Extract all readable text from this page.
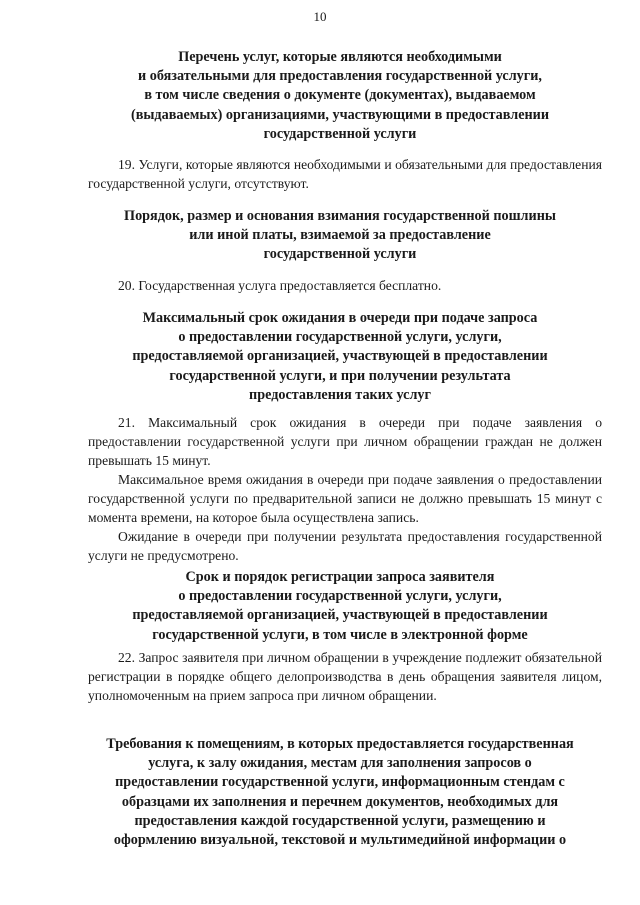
10
Перечень услуг, которые являются необходимыми
и обязательными для предоставления государственной услуги,
в том числе сведения о документе (документах), выдаваемом
(выдаваемых) организациями, участвующими в предоставлении
государственной услуги
19. Услуги, которые являются необходимыми и обязательными для предоставления государственной услуги, отсутствуют.
Порядок, размер и основания взимания государственной пошлины
или иной платы, взимаемой за предоставление
государственной услуги
20. Государственная услуга предоставляется бесплатно.
Максимальный срок ожидания в очереди при подаче запроса
о предоставлении государственной услуги, услуги,
предоставляемой организацией, участвующей в предоставлении
государственной услуги, и при получении результата
предоставления таких услуг
21. Максимальный срок ожидания в очереди при подаче заявления о предоставлении государственной услуги при личном обращении граждан не должен превышать 15 минут.
Максимальное время ожидания в очереди при подаче заявления о предоставлении государственной услуги по предварительной записи не должно превышать 15 минут с момента времени, на которое была осуществлена запись.
Ожидание в очереди при получении результата предоставления государственной услуги не предусмотрено.
Срок и порядок регистрации запроса заявителя
о предоставлении государственной услуги, услуги,
предоставляемой организацией, участвующей в предоставлении
государственной услуги, в том числе в электронной форме
22. Запрос заявителя при личном обращении в учреждение подлежит обязательной регистрации в порядке общего делопроизводства в день обращения заявителя лицом, уполномоченным на прием запроса при личном обращении.
Требования к помещениям, в которых предоставляется государственная
услуга, к залу ожидания, местам для заполнения запросов о
предоставлении государственной услуги, информационным стендам с
образцами их заполнения и перечнем документов, необходимых для
предоставления каждой государственной услуги, размещению и
оформлению визуальной, текстовой и мультимедийной информации о
